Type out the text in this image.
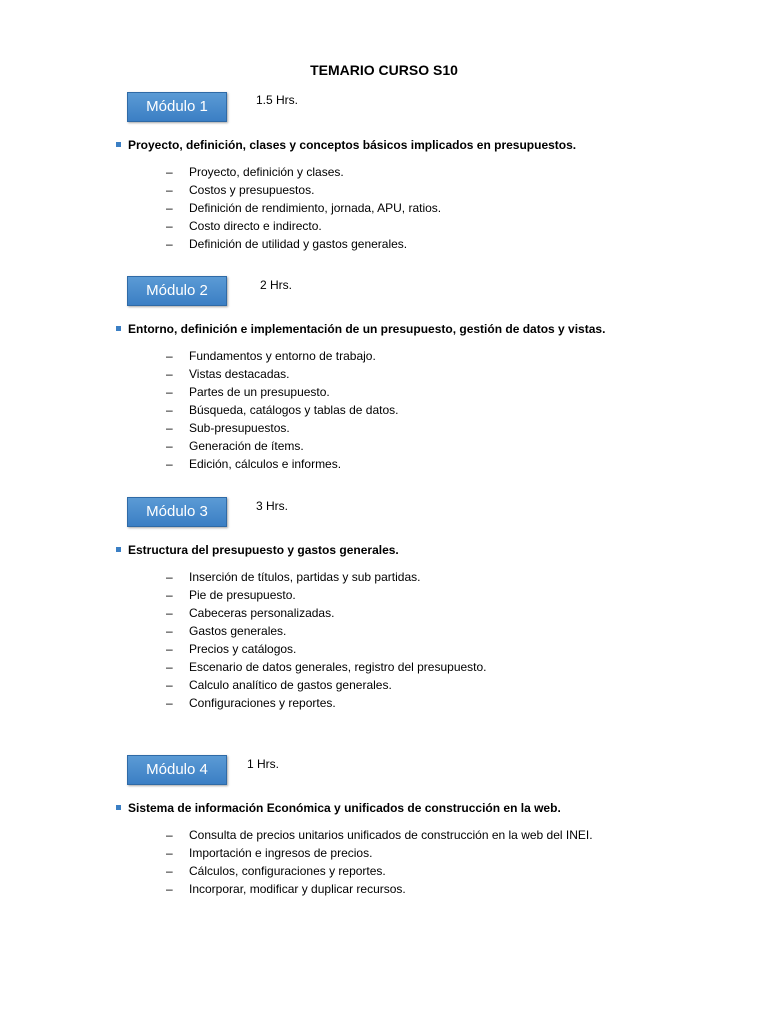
TEMARIO CURSO S10
Módulo 1	1.5 Hrs.
Proyecto, definición, clases y conceptos básicos implicados en presupuestos.
– Proyecto, definición y clases.
– Costos y presupuestos.
– Definición de rendimiento, jornada, APU, ratios.
– Costo directo e indirecto.
– Definición de utilidad y gastos generales.
Módulo 2	2 Hrs.
Entorno, definición e implementación de un presupuesto, gestión de datos y vistas.
– Fundamentos y entorno de trabajo.
– Vistas destacadas.
– Partes de un presupuesto.
– Búsqueda, catálogos y tablas de datos.
– Sub-presupuestos.
– Generación de ítems.
– Edición, cálculos e informes.
Módulo 3	3 Hrs.
Estructura del presupuesto y gastos generales.
– Inserción de títulos, partidas y sub partidas.
– Pie de presupuesto.
– Cabeceras personalizadas.
– Gastos generales.
– Precios y catálogos.
– Escenario de datos generales, registro del presupuesto.
– Calculo analítico de gastos generales.
– Configuraciones y reportes.
Módulo 4	1 Hrs.
Sistema de información Económica y unificados de construcción en la web.
– Consulta de precios unitarios unificados de construcción en la web del INEI.
– Importación e ingresos de precios.
– Cálculos, configuraciones y reportes.
– Incorporar, modificar y duplicar recursos.
